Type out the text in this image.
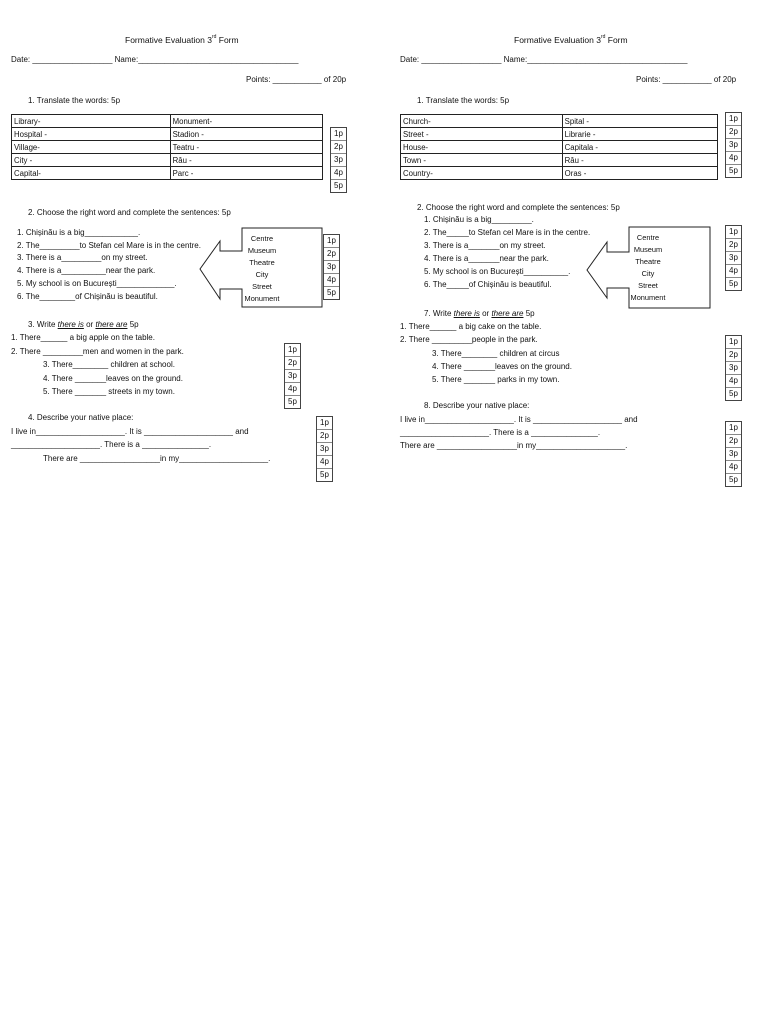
Formative Evaluation 3rd Form
Date: __________________ Name:____________________________________
Points: ___________ of 20p
1. Translate the words: 5p
Library-	Monument-
Hospital -	Stadion -
Village-	Teatru -
City -	Râu -
Capital-	Parc -
1p
2p
3p
4p
5p
2. Choose the right word and complete the sentences: 5p
1. Chișinău is a big____________.
2. The_________to Stefan cel Mare is in the centre.
3. There is a_________on my street.
4. There is a__________near the park.
5. My school is on București_____________.
6. The________of Chișinău is beautiful.
Centre
Museum
Theatre
City
Street
Monument
1p
2p
3p
4p
5p
3. Write there is or there are 5p
1. There______ a big apple on the table.
2. There _________men and women in the park.
3. There________ children at school.
4. There _______leaves on the ground.
5. There _______ streets in my town.
1p
2p
3p
4p
5p
4. Describe your native place:
I live in____________________. It is ____________________ and
____________________. There is a _______________.
There are __________________in my____________________.
1p
2p
3p
4p
5p
Formative Evaluation 3rd Form
Date: __________________ Name:____________________________________
Points: ___________ of 20p
1. Translate the words: 5p
Church-	Spital -
Street -	Librarie -
House-	Capitala -
Town -	Râu -
Country-	Oras -
1p
2p
3p
4p
5p
2. Choose the right word and complete the sentences: 5p
1. Chișinău is a big_________.
2. The_____to Stefan cel Mare is in the centre.
3. There is a_______on my street.
4. There is a_______near the park.
5. My school is on București__________.
6. The_____of Chișinău is beautiful.
Centre
Museum
Theatre
City
Street
Monument
1p
2p
3p
4p
5p
7. Write there is or there are 5p
1. There______ a big cake on the table.
2. There _________people in the park.
3. There________ children at circus
4. There _______leaves on the ground.
5. There _______ parks in my town.
1p
2p
3p
4p
5p
8. Describe your native place:
I live in____________________. It is ____________________ and
____________________. There is a _______________.
There are __________________in my____________________.
1p
2p
3p
4p
5p
